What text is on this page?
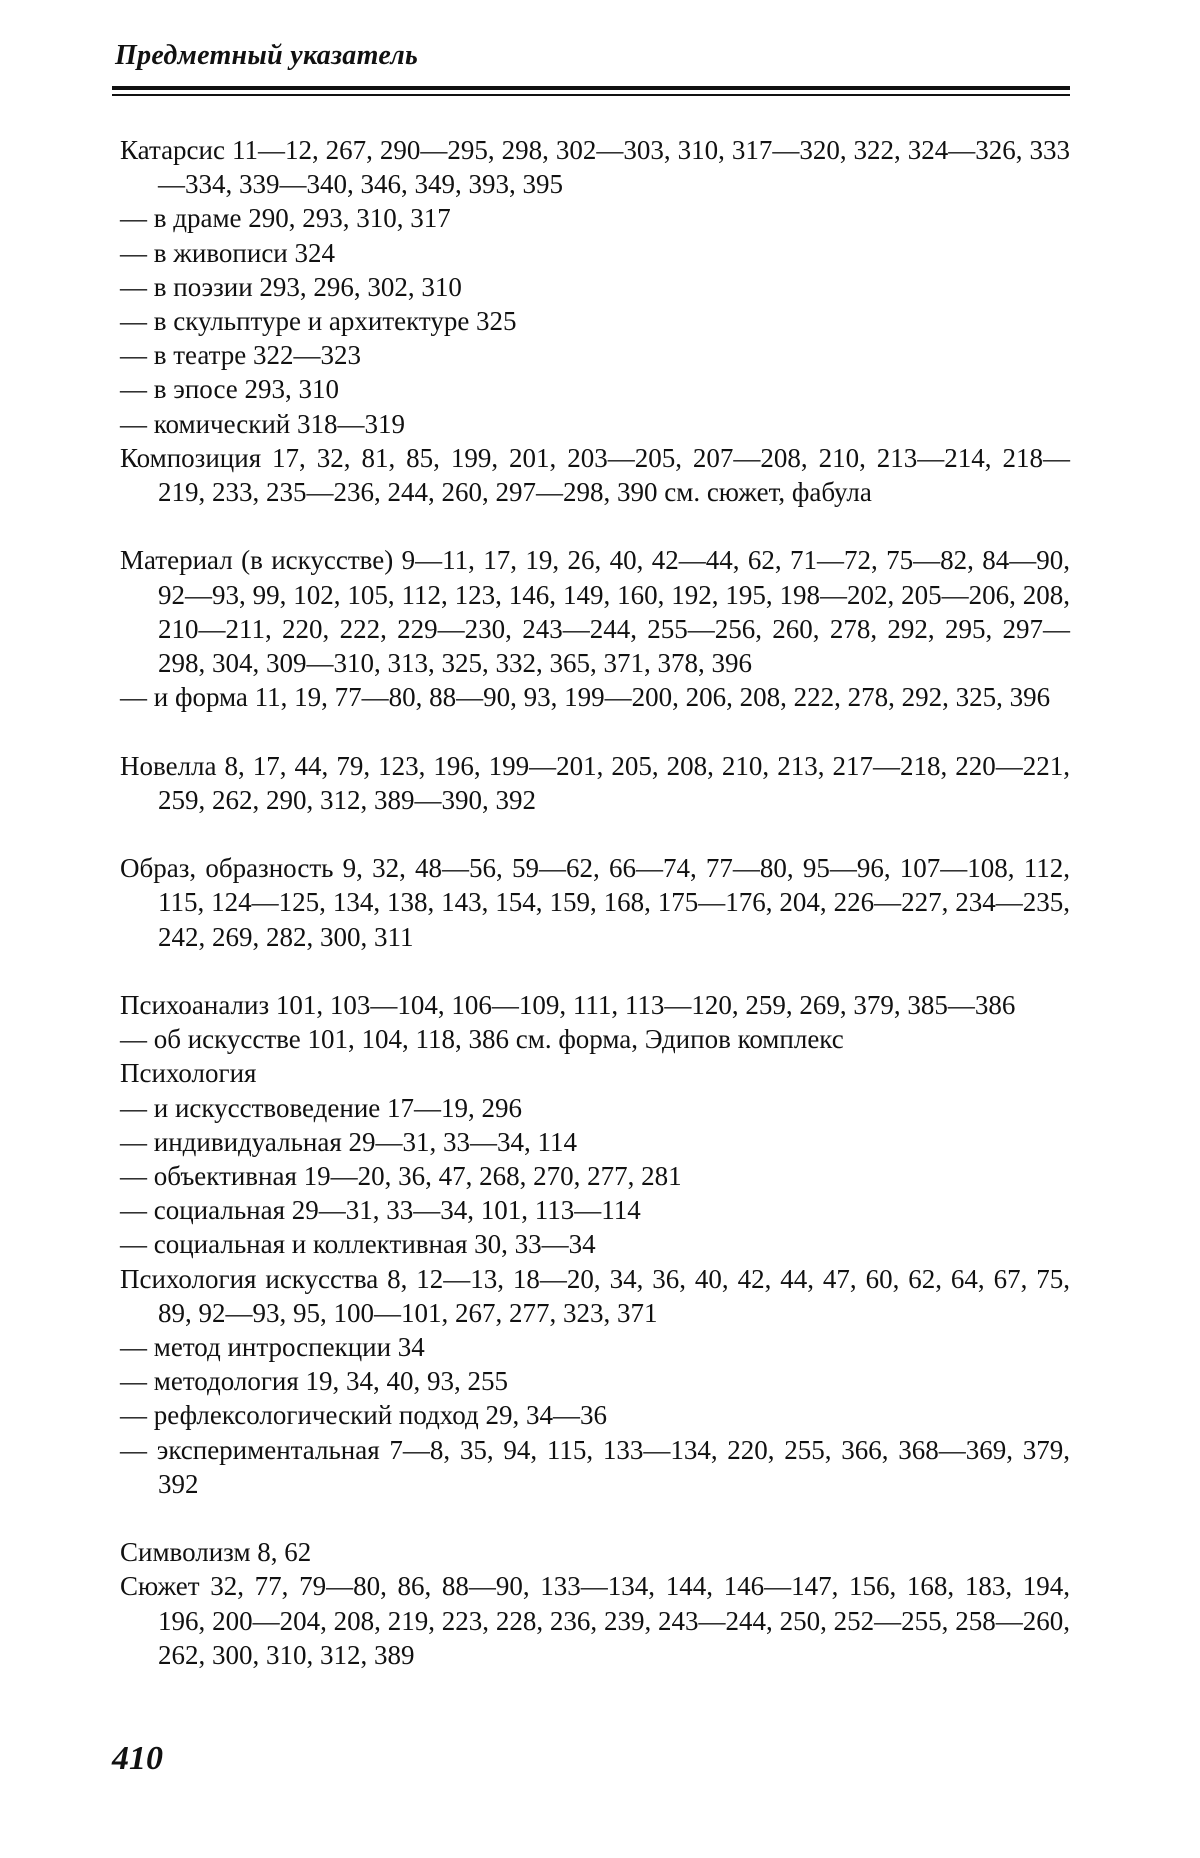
Предметный указатель

Катарсис 11—12, 267, 290—295, 298, 302—303, 310, 317—320, 322, 324—326, 333—334, 339—340, 346, 349, 393, 395

— в драме 290, 293, 310, 317

— в живописи 324

— в поэзии 293, 296, 302, 310

— в скульптуре и архитектуре 325

— в театре 322—323

— в эпосе 293, 310

— комический 318—319

Композиция 17, 32, 81, 85, 199, 201, 203—205, 207—208, 210, 213—214, 218—219, 233, 235—236, 244, 260, 297—298, 390 см. сюжет, фабула

Материал (в искусстве) 9—11, 17, 19, 26, 40, 42—44, 62, 71—72, 75—82, 84—90, 92—93, 99, 102, 105, 112, 123, 146, 149, 160, 192, 195, 198—202, 205—206, 208, 210—211, 220, 222, 229—230, 243—244, 255—256, 260, 278, 292, 295, 297—298, 304, 309—310, 313, 325, 332, 365, 371, 378, 396

— и форма 11, 19, 77—80, 88—90, 93, 199—200, 206, 208, 222, 278, 292, 325, 396

Новелла 8, 17, 44, 79, 123, 196, 199—201, 205, 208, 210, 213, 217—218, 220—221, 259, 262, 290, 312, 389—390, 392

Образ, образность 9, 32, 48—56, 59—62, 66—74, 77—80, 95—96, 107—108, 112, 115, 124—125, 134, 138, 143, 154, 159, 168, 175—176, 204, 226—227, 234—235, 242, 269, 282, 300, 311

Психоанализ 101, 103—104, 106—109, 111, 113—120, 259, 269, 379, 385—386

— об искусстве 101, 104, 118, 386 см. форма, Эдипов комплекс

Психология

— и искусствоведение 17—19, 296

— индивидуальная 29—31, 33—34, 114

— объективная 19—20, 36, 47, 268, 270, 277, 281

— социальная 29—31, 33—34, 101, 113—114

— социальная и коллективная 30, 33—34

Психология искусства 8, 12—13, 18—20, 34, 36, 40, 42, 44, 47, 60, 62, 64, 67, 75, 89, 92—93, 95, 100—101, 267, 277, 323, 371

— метод интроспекции 34

— методология 19, 34, 40, 93, 255

— рефлексологический подход 29, 34—36

— экспериментальная 7—8, 35, 94, 115, 133—134, 220, 255, 366, 368—369, 379, 392

Символизм 8, 62

Сюжет 32, 77, 79—80, 86, 88—90, 133—134, 144, 146—147, 156, 168, 183, 194, 196, 200—204, 208, 219, 223, 228, 236, 239, 243—244, 250, 252—255, 258—260, 262, 300, 310, 312, 389

410
